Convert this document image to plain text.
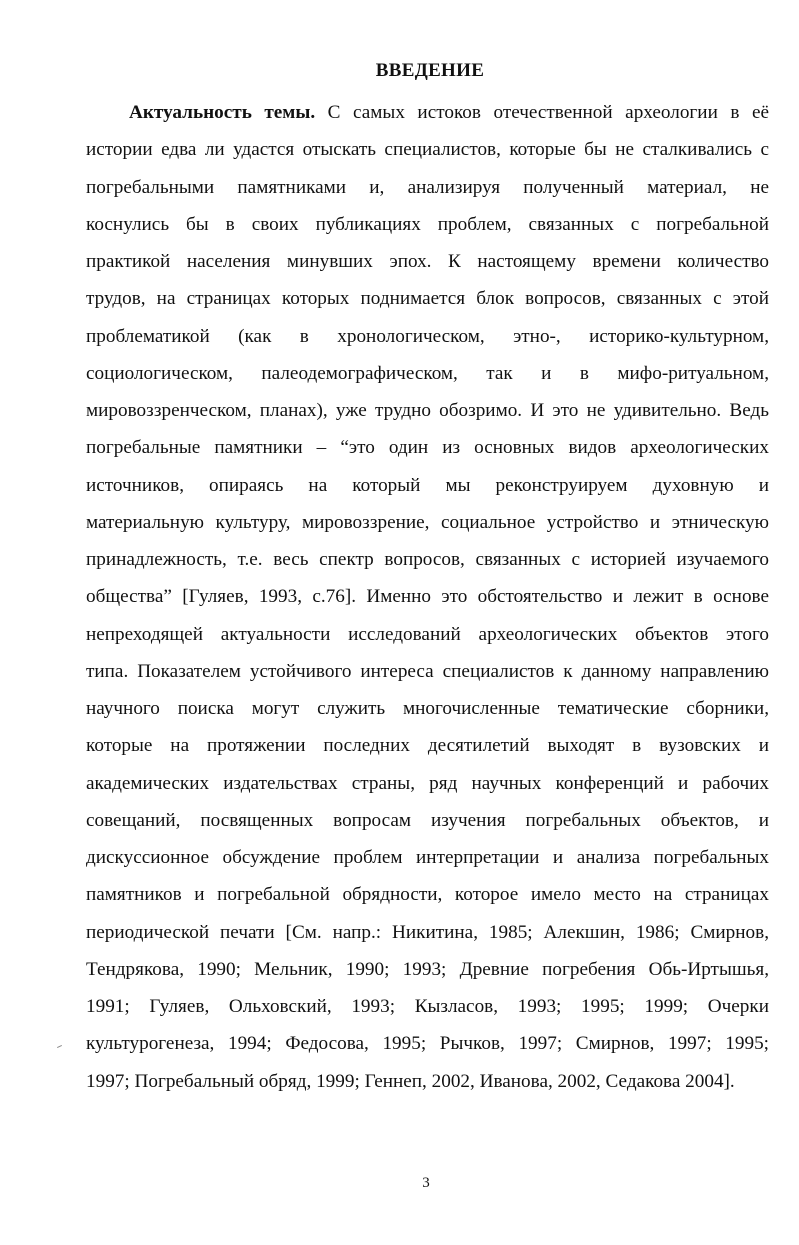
ВВЕДЕНИЕ
Актуальность темы. С самых истоков отечественной археологии в её
истории едва ли удастся отыскать специалистов, которые бы не сталкивались с
погребальными памятниками и, анализируя полученный материал, не
коснулись бы в своих публикациях проблем, связанных с погребальной
практикой населения минувших эпох. К настоящему времени количество
трудов, на страницах которых поднимается блок вопросов, связанных с этой
проблематикой (как в хронологическом, этно-, историко-культурном,
социологическом, палеодемографическом, так и в мифо-ритуальном,
мировоззренческом, планах), уже трудно обозримо. И это не удивительно. Ведь
погребальные памятники – “это один из основных видов археологических
источников, опираясь на который мы реконструируем духовную и
материальную культуру, мировоззрение, социальное устройство и этническую
принадлежность, т.е. весь спектр вопросов, связанных с историей изучаемого
общества” [Гуляев, 1993, с.76]. Именно это обстоятельство и лежит в основе
непреходящей актуальности исследований археологических объектов этого
типа. Показателем устойчивого интереса специалистов к данному направлению
научного поиска могут служить многочисленные тематические сборники,
которые на протяжении последних десятилетий выходят в вузовских и
академических издательствах страны, ряд научных конференций и рабочих
совещаний, посвященных вопросам изучения погребальных объектов, и
дискуссионное обсуждение проблем интерпретации и анализа погребальных
памятников и погребальной обрядности, которое имело место на страницах
периодической печати [См. напр.: Никитина, 1985; Алекшин, 1986; Смирнов,
Тендрякова, 1990; Мельник, 1990; 1993; Древние погребения Обь-Иртышья,
1991; Гуляев, Ольховский, 1993; Кызласов, 1993; 1995; 1999; Очерки
культурогенеза, 1994; Федосова, 1995; Рычков, 1997; Смирнов, 1997; 1995;
1997; Погребальный обряд, 1999; Геннеп, 2002, Иванова, 2002, Седакова 2004].
3
